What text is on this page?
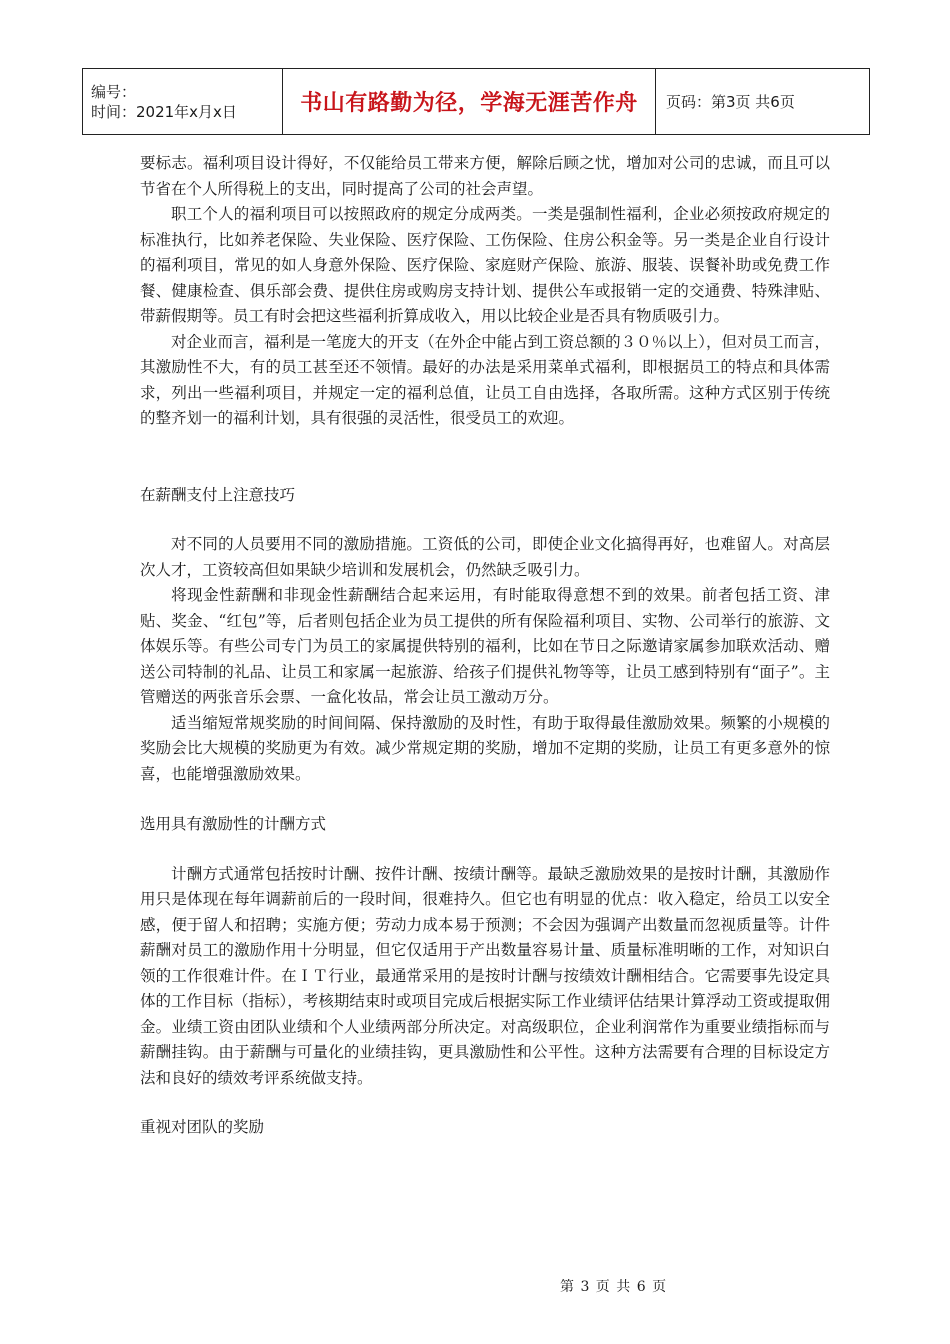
编号：
时间：2021年x月x日	书山有路勤为径，学海无涯苦作舟 页码：第3页 共6页

要标志。福利项目设计得好，不仅能给员工带来方便，解除后顾之忧，增加对公司的忠诚，而且可以节省在个人所得税上的支出，同时提高了公司的社会声望。

职工个人的福利项目可以按照政府的规定分成两类。一类是强制性福利，企业必须按政府规定的标准执行，比如养老保险、失业保险、医疗保险、工伤保险、住房公积金等。另一类是企业自行设计的福利项目，常见的如人身意外保险、医疗保险、家庭财产保险、旅游、服装、误餐补助或免费工作餐、健康检查、俱乐部会费、提供住房或购房支持计划、提供公车或报销一定的交通费、特殊津贴、带薪假期等。员工有时会把这些福利折算成收入，用以比较企业是否具有物质吸引力。

对企业而言，福利是一笔庞大的开支（在外企中能占到工资总额的３０％以上），但对员工而言，其激励性不大，有的员工甚至还不领情。最好的办法是采用菜单式福利，即根据员工的特点和具体需求，列出一些福利项目，并规定一定的福利总值，让员工自由选择，各取所需。这种方式区别于传统的整齐划一的福利计划，具有很强的灵活性，很受员工的欢迎。

在薪酬支付上注意技巧

对不同的人员要用不同的激励措施。工资低的公司，即使企业文化搞得再好，也难留人。对高层次人才，工资较高但如果缺少培训和发展机会，仍然缺乏吸引力。

将现金性薪酬和非现金性薪酬结合起来运用，有时能取得意想不到的效果。前者包括工资、津贴、奖金、“红包”等，后者则包括企业为员工提供的所有保险福利项目、实物、公司举行的旅游、文体娱乐等。有些公司专门为员工的家属提供特别的福利，比如在节日之际邀请家属参加联欢活动、赠送公司特制的礼品、让员工和家属一起旅游、给孩子们提供礼物等等，让员工感到特别有“面子”。主管赠送的两张音乐会票、一盒化妆品，常会让员工激动万分。

适当缩短常规奖励的时间间隔、保持激励的及时性，有助于取得最佳激励效果。频繁的小规模的奖励会比大规模的奖励更为有效。减少常规定期的奖励，增加不定期的奖励，让员工有更多意外的惊喜，也能增强激励效果。

选用具有激励性的计酬方式

计酬方式通常包括按时计酬、按件计酬、按绩计酬等。最缺乏激励效果的是按时计酬，其激励作用只是体现在每年调薪前后的一段时间，很难持久。但它也有明显的优点：收入稳定，给员工以安全感，便于留人和招聘；实施方便；劳动力成本易于预测；不会因为强调产出数量而忽视质量等。计件薪酬对员工的激励作用十分明显，但它仅适用于产出数量容易计量、质量标准明晰的工作，对知识白领的工作很难计件。在ＩＴ行业，最通常采用的是按时计酬与按绩效计酬相结合。它需要事先设定具体的工作目标（指标），考核期结束时或项目完成后根据实际工作业绩评估结果计算浮动工资或提取佣金。业绩工资由团队业绩和个人业绩两部分所决定。对高级职位，企业利润常作为重要业绩指标而与薪酬挂钩。由于薪酬与可量化的业绩挂钩，更具激励性和公平性。这种方法需要有合理的目标设定方法和良好的绩效考评系统做支持。

重视对团队的奖励
第 3 页 共 6 页
